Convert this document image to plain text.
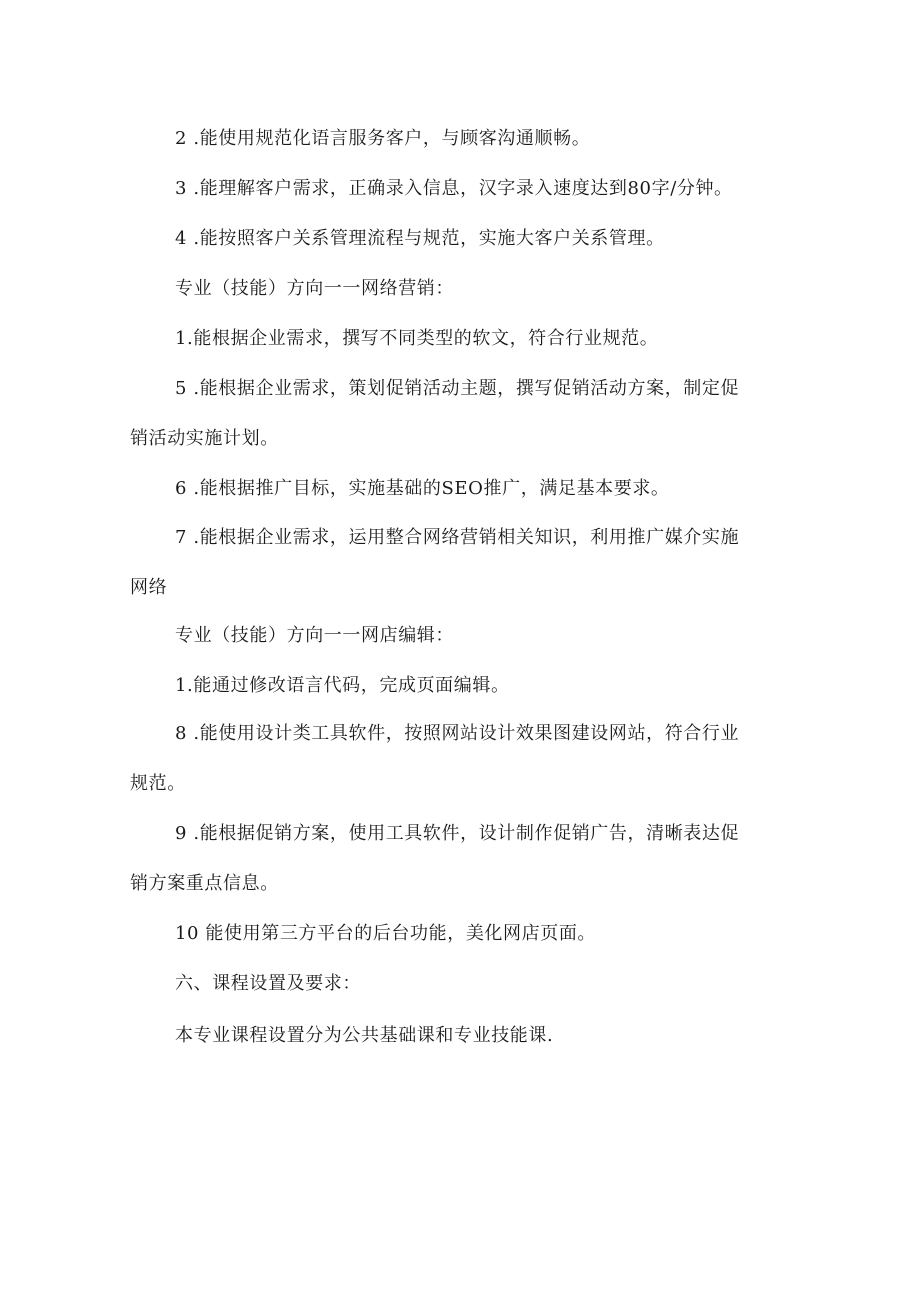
2 .能使用规范化语言服务客户，与顾客沟通顺畅。
3 .能理解客户需求，正确录入信息，汉字录入速度达到80字/分钟。
4 .能按照客户关系管理流程与规范，实施大客户关系管理。
专业（技能）方向一一网络营销：
1.能根据企业需求，撰写不同类型的软文，符合行业规范。
5 .能根据企业需求，策划促销活动主题，撰写促销活动方案，制定促
销活动实施计划。
6 .能根据推广目标，实施基础的SEO推广，满足基本要求。
7 .能根据企业需求，运用整合网络营销相关知识，利用推广媒介实施
网络
专业（技能）方向一一网店编辑：
1.能通过修改语言代码，完成页面编辑。
8 .能使用设计类工具软件，按照网站设计效果图建设网站，符合行业
规范。
9 .能根据促销方案，使用工具软件，设计制作促销广告，清晰表达促
销方案重点信息。
10 能使用第三方平台的后台功能，美化网店页面。
六、课程设置及要求：
本专业课程设置分为公共基础课和专业技能课.
